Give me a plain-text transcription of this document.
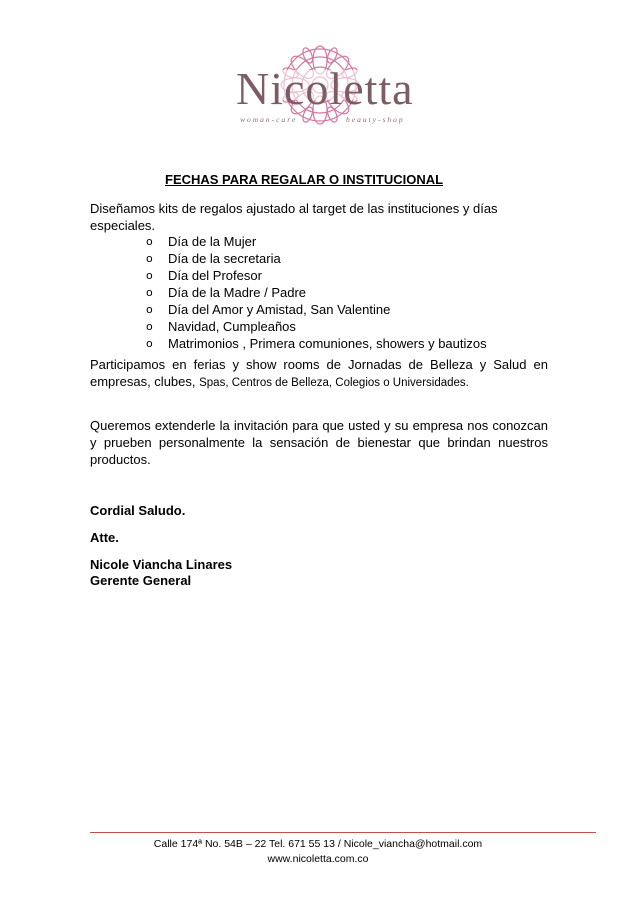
Nicoletta
woman-care	beauty-shop
FECHAS PARA REGALAR O INSTITUCIONAL
Diseñamos kits de regalos ajustado al target de las instituciones y días especiales.
o Día de la Mujer
o Día de la secretaria
o Día del Profesor
o Día de la Madre / Padre
o Día del Amor y Amistad, San Valentine
o Navidad, Cumpleaños
o Matrimonios , Primera comuniones, showers y bautizos
Participamos en ferias y show rooms de Jornadas de Belleza y Salud en empresas, clubes, Spas, Centros de Belleza, Colegios o Universidades.
Queremos extenderle la invitación para que usted y su empresa nos conozcan y prueben personalmente la sensación de bienestar que brindan nuestros productos.
Cordial Saludo.
Atte.
Nicole Viancha Linares
Gerente General
Calle 174ª No. 54B – 22 Tel. 671 55 13 / Nicole_viancha@hotmail.com
www.nicoletta.com.co
